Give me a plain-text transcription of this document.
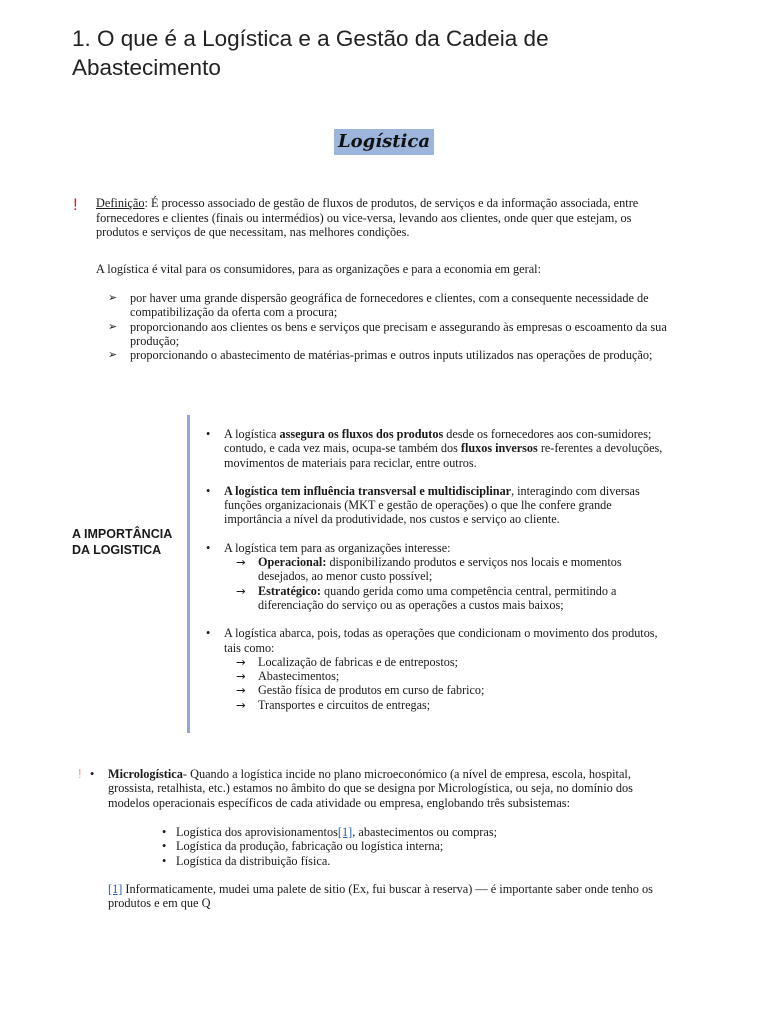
1. O que é a Logística e a Gestão da Cadeia de Abastecimento
Logística
! Definição: É processo associado de gestão de fluxos de produtos, de serviços e da informação associada, entre fornecedores e clientes (finais ou intermédios) ou vice-versa, levando aos clientes, onde quer que estejam, os produtos e serviços de que necessitam, nas melhores condições.

A logística é vital para os consumidores, para as organizações e para a economia em geral:

➢ por haver uma grande dispersão geográfica de fornecedores e clientes, com a consequente necessidade de compatibilização da oferta com a procura;
➢ proporcionando aos clientes os bens e serviços que precisam e assegurando às empresas o escoamento da sua produção;
➢ proporcionando o abastecimento de matérias-primas e outros inputs utilizados nas operações de produção;
A IMPORTÂNCIA DA LOGISTICA
• A logística assegura os fluxos dos produtos desde os fornecedores aos con-sumidores; contudo, e cada vez mais, ocupa-se também dos fluxos inversos re-ferentes a devoluções, movimentos de materiais para reciclar, entre outros.
• A logística tem influência transversal e multidisciplinar, interagindo com diversas funções organizacionais (MKT e gestão de operações) o que lhe confere grande importância a nível da produtividade, nos custos e serviço ao cliente.
• A logística tem para as organizações interesse:
→ Operacional: disponibilizando produtos e serviços nos locais e momentos desejados, ao menor custo possível;
→ Estratégico: quando gerida como uma competência central, permitindo a diferenciação do serviço ou as operações a custos mais baixos;
• A logística abarca, pois, todas as operações que condicionam o movimento dos produtos, tais como:
→ Localização de fabricas e de entrepostos;
→ Abastecimentos;
→ Gestão física de produtos em curso de fabrico;
→ Transportes e circuitos de entregas;
! •	Micrologística- Quando a logística incide no plano microeconómico (a nível de empresa, escola, hospital, grossista, retalhista, etc.) estamos no âmbito do que se designa por Micrologística, ou seja, no domínio dos modelos operacionais específicos de cada atividade ou empresa, englobando três subsistemas:
• Logística dos aprovisionamentos[1], abastecimentos ou compras;
• Logística da produção, fabricação ou logística interna;
• Logística da distribuição física.

[1] Informaticamente, mudei uma palete de sitio (Ex, fui buscar à reserva) — é importante saber onde tenho os produtos e em que Q
